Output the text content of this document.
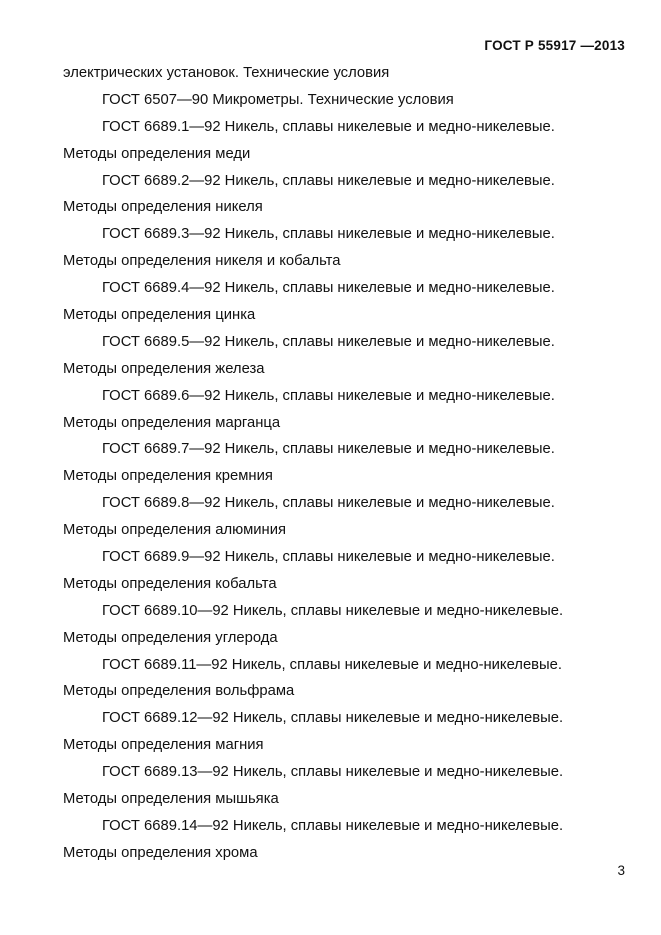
ГОСТ Р 55917 —2013
электрических установок. Технические условия
ГОСТ 6507—90 Микрометры. Технические условия
ГОСТ 6689.1—92 Никель, сплавы никелевые и медно-никелевые.
Методы определения меди
ГОСТ 6689.2—92 Никель, сплавы никелевые и медно-никелевые.
Методы определения никеля
ГОСТ 6689.3—92 Никель, сплавы никелевые и медно-никелевые.
Методы определения никеля и кобальта
ГОСТ 6689.4—92 Никель, сплавы никелевые и медно-никелевые.
Методы определения цинка
ГОСТ 6689.5—92 Никель, сплавы никелевые и медно-никелевые.
Методы определения железа
ГОСТ 6689.6—92 Никель, сплавы никелевые и медно-никелевые.
Методы определения марганца
ГОСТ 6689.7—92 Никель, сплавы никелевые и медно-никелевые.
Методы определения кремния
ГОСТ 6689.8—92 Никель, сплавы никелевые и медно-никелевые.
Методы определения алюминия
ГОСТ 6689.9—92 Никель, сплавы никелевые и медно-никелевые.
Методы определения кобальта
ГОСТ 6689.10—92 Никель, сплавы никелевые и медно-никелевые.
Методы определения углерода
ГОСТ 6689.11—92 Никель, сплавы никелевые и медно-никелевые.
Методы определения вольфрама
ГОСТ 6689.12—92 Никель, сплавы никелевые и медно-никелевые.
Методы определения магния
ГОСТ 6689.13—92 Никель, сплавы никелевые и медно-никелевые.
Методы определения мышьяка
ГОСТ 6689.14—92 Никель, сплавы никелевые и медно-никелевые.
Методы определения хрома
3
